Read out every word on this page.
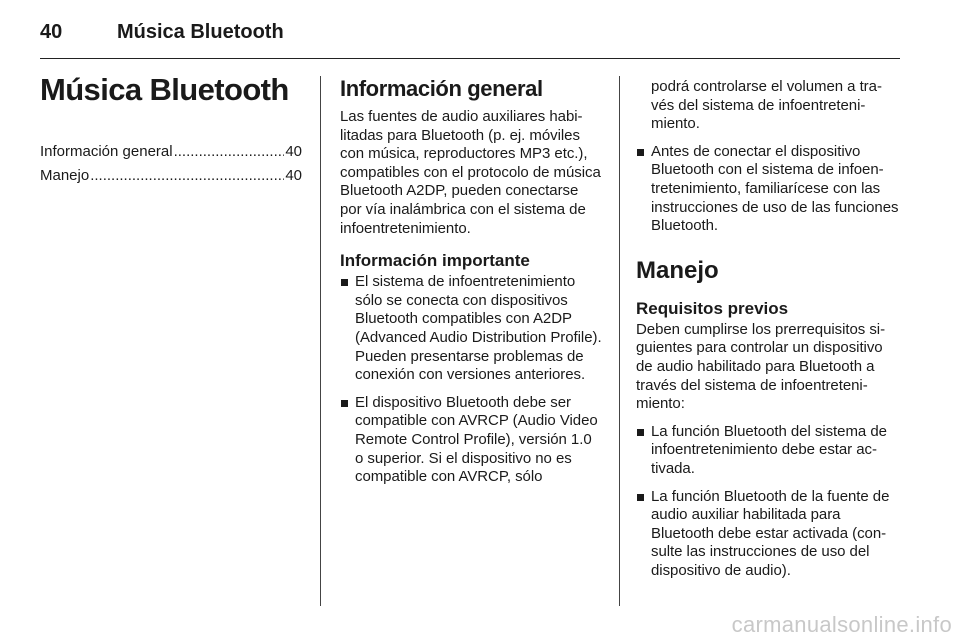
40	Música Bluetooth
Música Bluetooth
Información general .....	40
Manejo .....	40
Información general

Las fuentes de audio auxiliares habilitadas para Bluetooth (p. ej. móviles con música, reproductores MP3 etc.), compatibles con el protocolo de música Bluetooth A2DP, pueden conectarse por vía inalámbrica con el sistema de infoentretenimiento.

Información importante
El sistema de infoentretenimiento sólo se conecta con dispositivos Bluetooth compatibles con A2DP (Advanced Audio Distribution Profile). Pueden presentarse problemas de conexión con versiones anteriores.
El dispositivo Bluetooth debe ser compatible con AVRCP (Audio Video Remote Control Profile), versión 1.0 o superior. Si el dispositivo no es compatible con AVRCP, sólo

podrá controlarse el volumen a través del sistema de infoentretenimiento.

Antes de conectar el dispositivo Bluetooth con el sistema de infoentretenimiento, familiarícese con las instrucciones de uso de las funciones Bluetooth.
Manejo
Requisitos previos

Deben cumplirse los prerrequisitos siguientes para controlar un dispositivo de audio habilitado para Bluetooth a través del sistema de infoentretenimiento:

La función Bluetooth del sistema de infoentretenimiento debe estar activada.
La función Bluetooth de la fuente de audio auxiliar habilitada para Bluetooth debe estar activada (consulte las instrucciones de uso del dispositivo de audio).
carmanualsonline.info
